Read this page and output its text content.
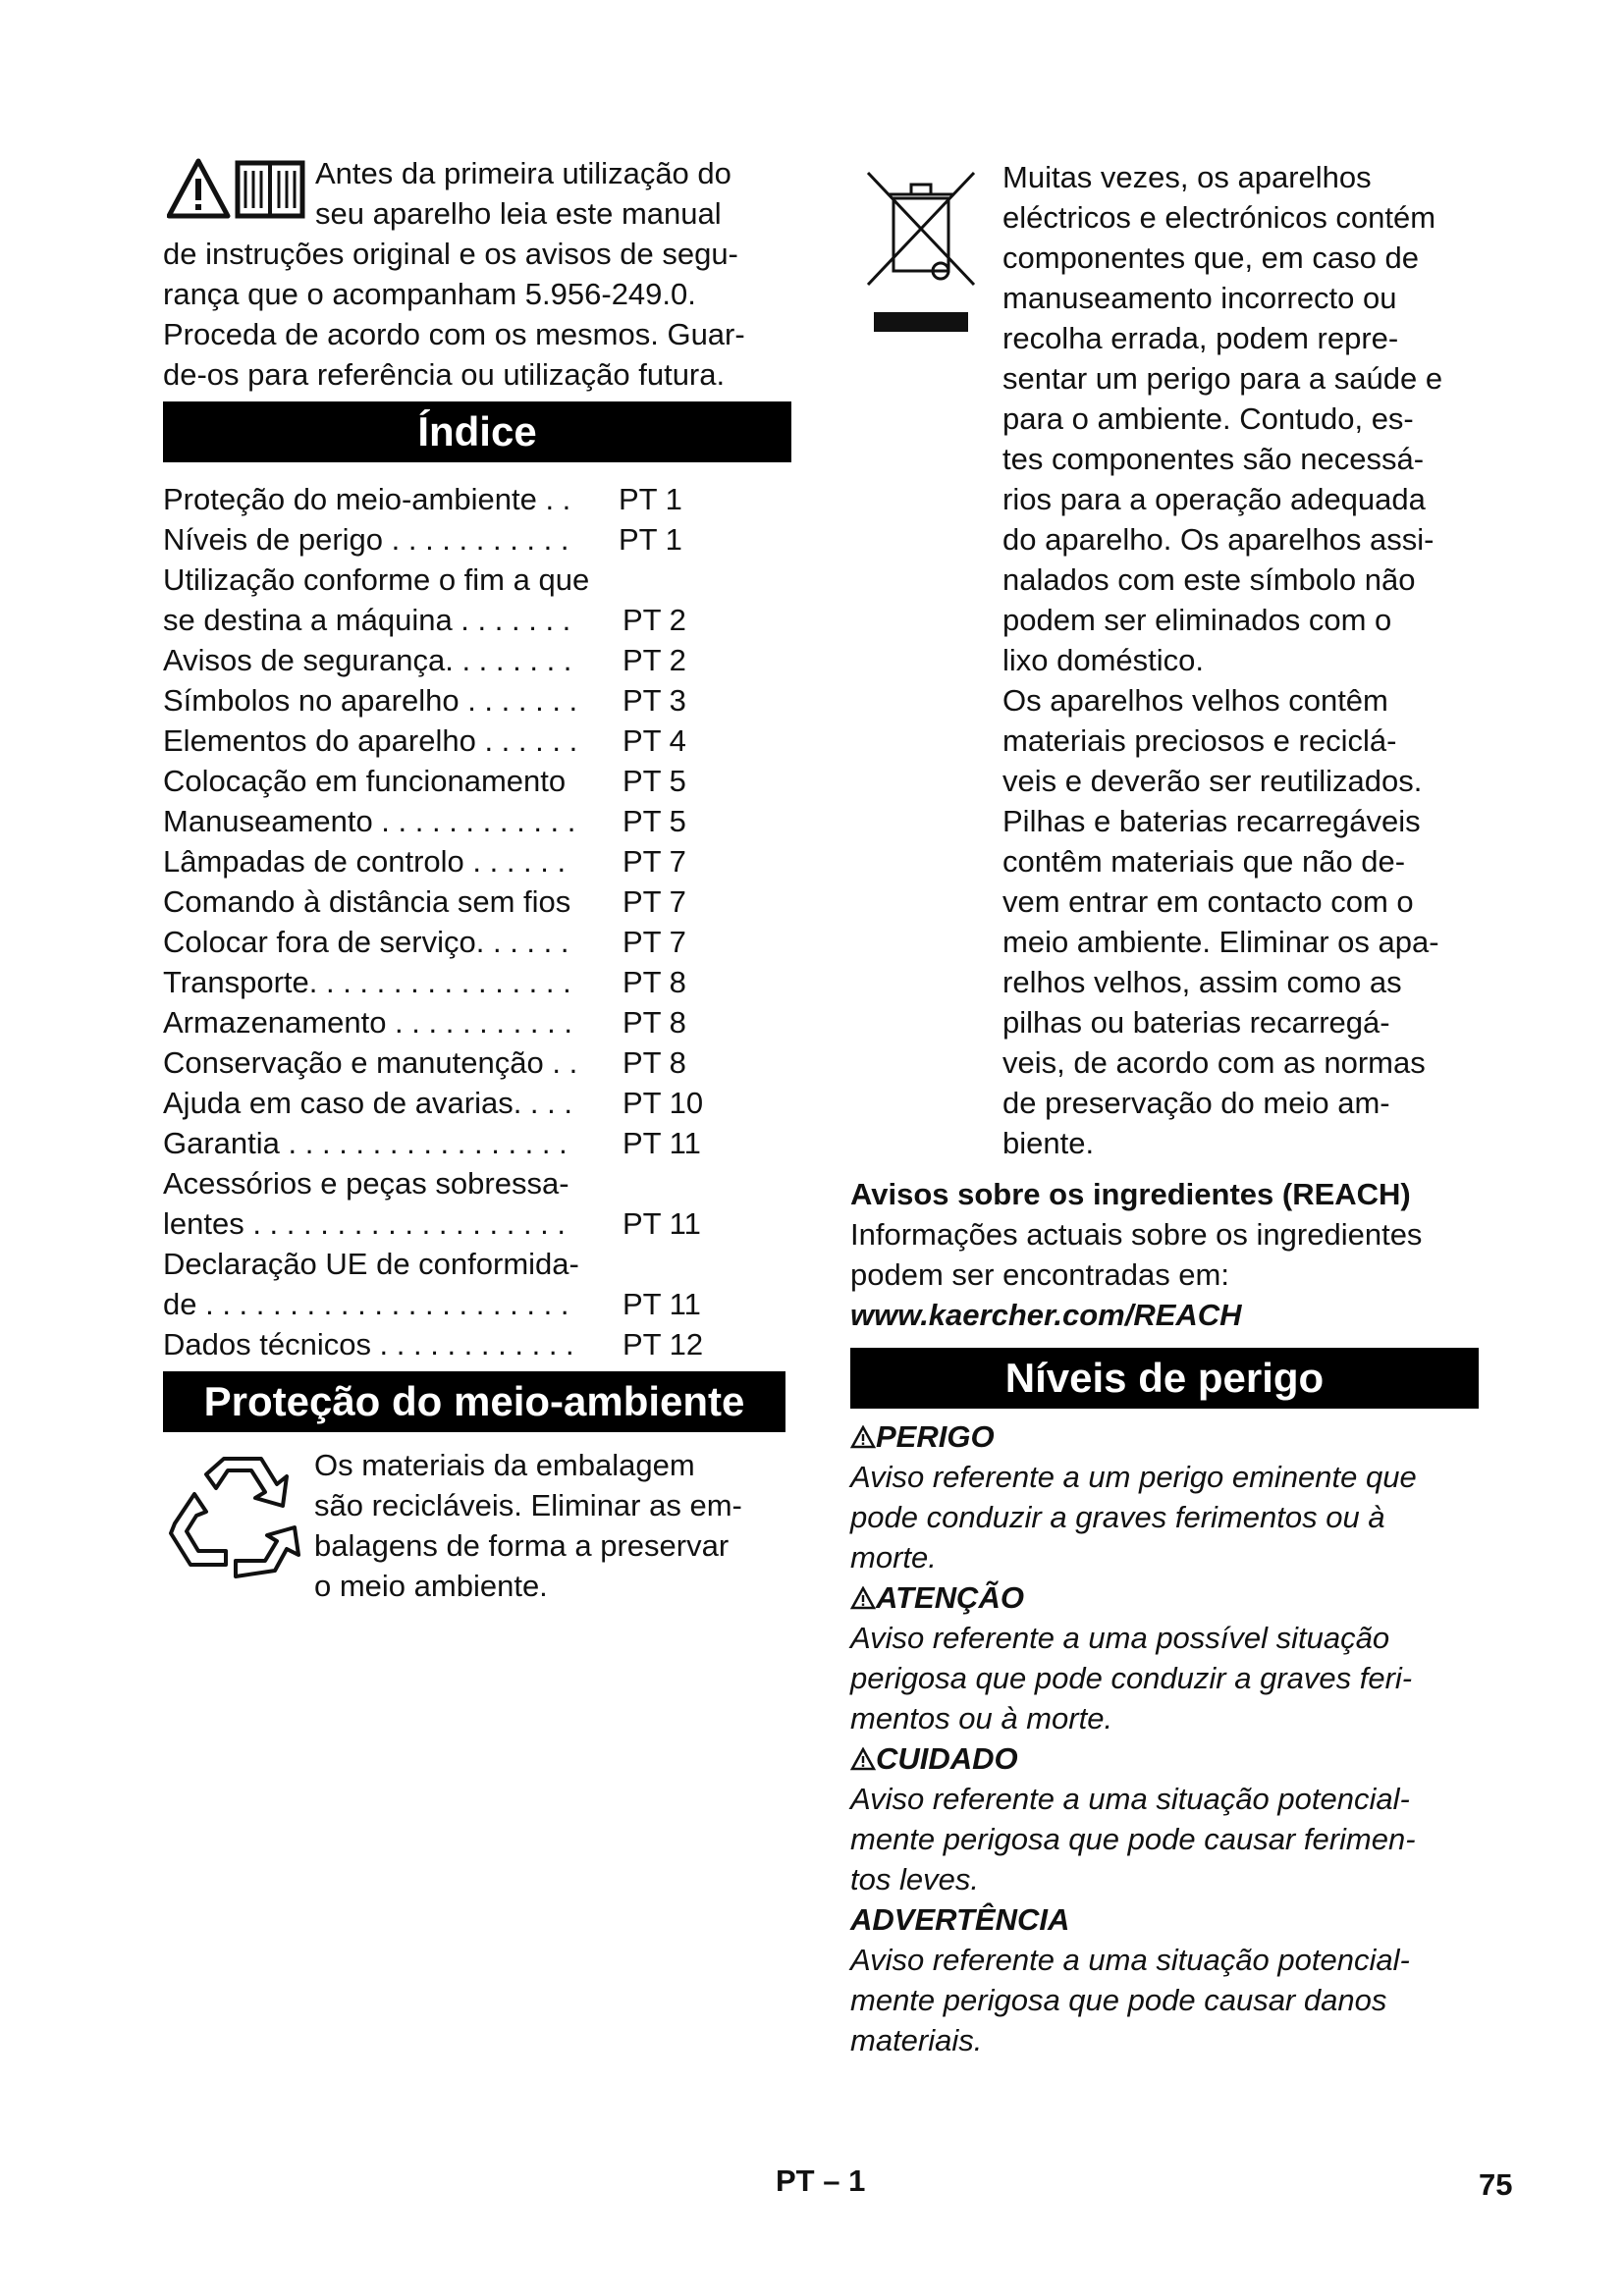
Antes da primeira utilização do
seu aparelho leia este manual
de instruções original e os avisos de segu-
rança que o acompanham 5.956-249.0.
Proceda de acordo com os mesmos. Guar-
de-os para referência ou utilização futura.
Índice
Proteção do meio-ambiente . .	PT 1
Níveis de perigo . . . . . . . . . . .	PT 1
Utilização conforme o fim a que
se destina a máquina . . . . . . .	PT 2
Avisos de segurança. . . . . . . .	PT 2
Símbolos no aparelho . . . . . . .	PT 3
Elementos do aparelho . . . . . .	PT 4
Colocação em funcionamento	PT 5
Manuseamento . . . . . . . . . . . .	PT 5
Lâmpadas de controlo . . . . . .	PT 7
Comando à distância sem fios	PT 7
Colocar fora de serviço. . . . . .	PT 7
Transporte. . . . . . . . . . . . . . . .	PT 8
Armazenamento . . . . . . . . . . .	PT 8
Conservação e manutenção . .	PT 8
Ajuda em caso de avarias. . . .	PT 10
Garantia . . . . . . . . . . . . . . . . .	PT 11
Acessórios e peças sobressa-
lentes . . . . . . . . . . . . . . . . . . .	PT 11
Declaração UE de conformida-
de . . . . . . . . . . . . . . . . . . . . . .	PT 11
Dados técnicos . . . . . . . . . . . .	PT 12
Proteção do meio-ambiente
Os materiais da embalagem
são recicláveis. Eliminar as em-
balagens de forma a preservar
o meio ambiente.
Muitas vezes, os aparelhos
eléctricos e electrónicos contém
componentes que, em caso de
manuseamento incorrecto ou
recolha errada, podem repre-
sentar um perigo para a saúde e
para o ambiente. Contudo, es-
tes componentes são necessá-
rios para a operação adequada
do aparelho. Os aparelhos assi-
nalados com este símbolo não
podem ser eliminados com o
lixo doméstico.
Os aparelhos velhos contêm
materiais preciosos e reciclá-
veis e deverão ser reutilizados.
Pilhas e baterias recarregáveis
contêm materiais que não de-
vem entrar em contacto com o
meio ambiente. Eliminar os apa-
relhos velhos, assim como as
pilhas ou baterias recarregá-
veis, de acordo com as normas
de preservação do meio am-
biente.
Avisos sobre os ingredientes (REACH)
Informações actuais sobre os ingredientes
podem ser encontradas em:
www.kaercher.com/REACH
Níveis de perigo
PERIGO
Aviso referente a um perigo eminente que
pode conduzir a graves ferimentos ou à
morte.
ATENÇÃO
Aviso referente a uma possível situação
perigosa que pode conduzir a graves feri-
mentos ou à morte.
CUIDADO
Aviso referente a uma situação potencial-
mente perigosa que pode causar ferimen-
tos leves.
ADVERTÊNCIA
Aviso referente a uma situação potencial-
mente perigosa que pode causar danos
materiais.
PT – 1	75
